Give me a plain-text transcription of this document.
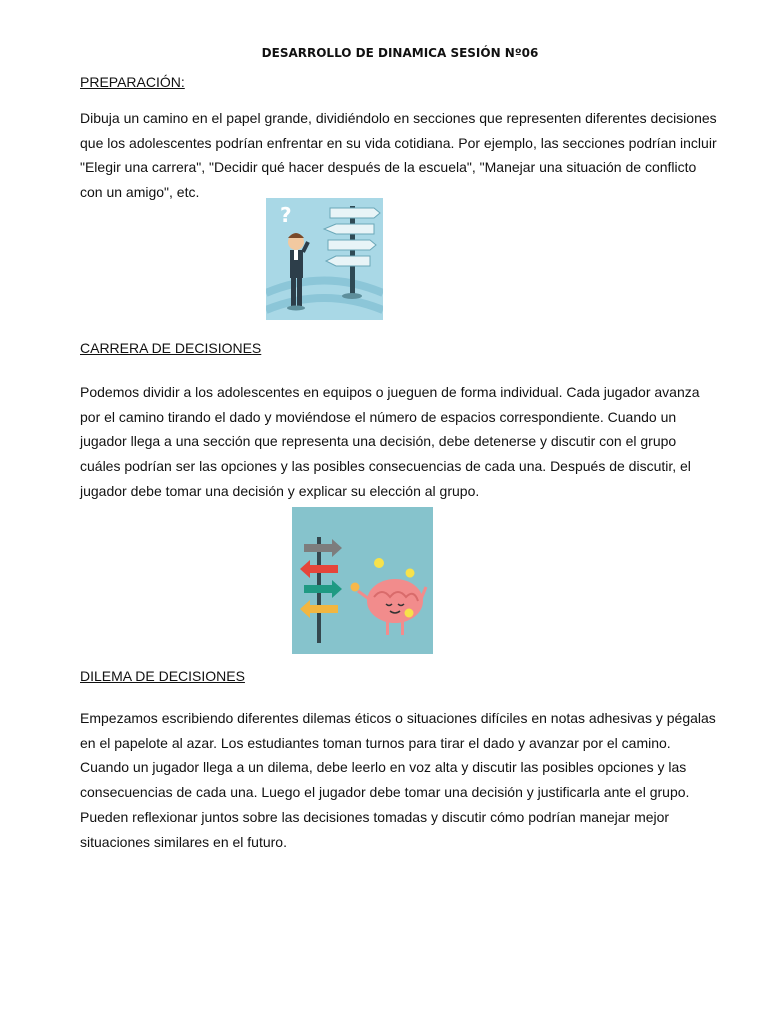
DESARROLLO DE DINAMICA SESIÓN Nº06
PREPARACIÓN:

Dibuja un camino en el papel grande, dividiéndolo en secciones que representen diferentes decisiones que los adolescentes podrían enfrentar en su vida cotidiana. Por ejemplo, las secciones podrían incluir "Elegir una carrera", "Decidir qué hacer después de la escuela", "Manejar una situación de conflicto con un amigo", etc.

?
CARRERA DE DECISIONES

Podemos dividir a los adolescentes en equipos o jueguen de forma individual. Cada jugador avanza por el camino tirando el dado y moviéndose el número de espacios correspondiente. Cuando un jugador llega a una sección que representa una decisión, debe detenerse y discutir con el grupo cuáles podrían ser las opciones y las posibles consecuencias de cada una. Después de discutir, el jugador debe tomar una decisión y explicar su elección al grupo.

DILEMA DE DECISIONES

Empezamos escribiendo diferentes dilemas éticos o situaciones difíciles en notas adhesivas y pégalas en el papelote al azar. Los estudiantes toman turnos para tirar el dado y avanzar por el camino. Cuando un jugador llega a un dilema, debe leerlo en voz alta y discutir las posibles opciones y las consecuencias de cada una. Luego el jugador debe tomar una decisión y justificarla ante el grupo. Pueden reflexionar juntos sobre las decisiones tomadas y discutir cómo podrían manejar mejor situaciones similares en el futuro.
